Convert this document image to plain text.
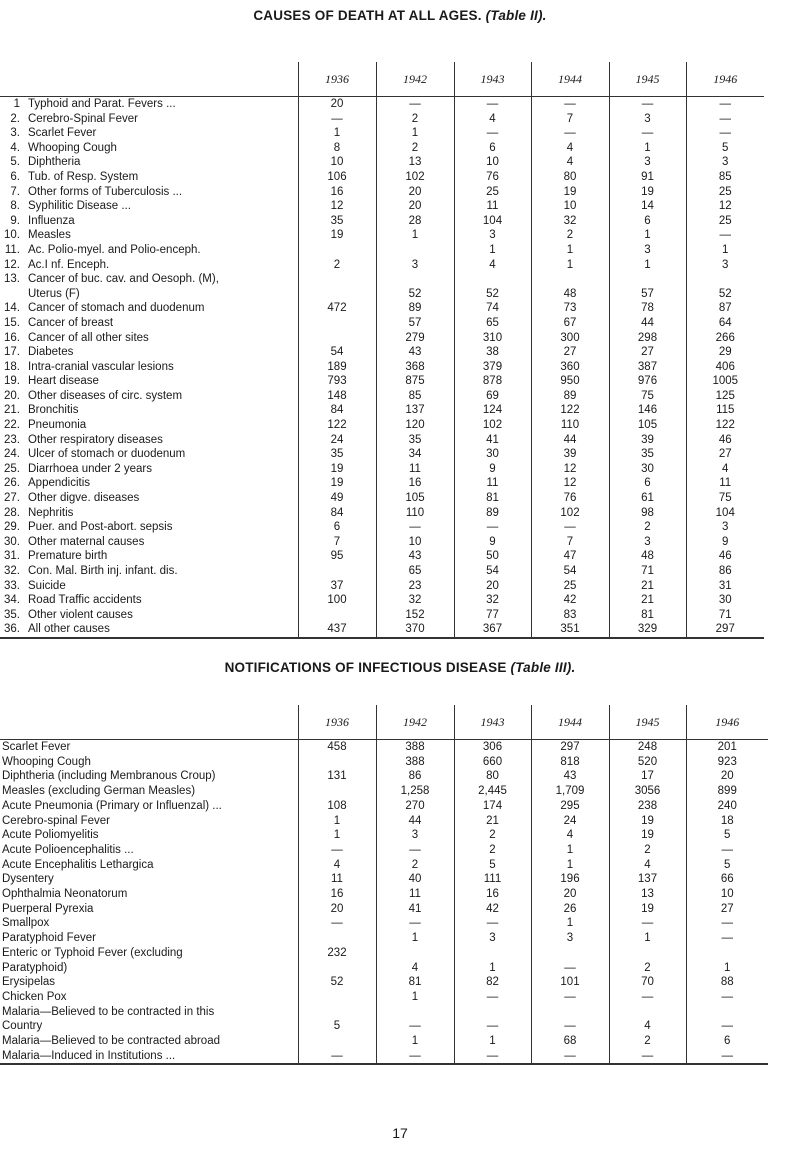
CAUSES OF DEATH AT ALL AGES. (Table II).
		1936	1942	1943	1944	1945	1946
1	Typhoid and Parat. Fevers ...	20	—	—	—	—	—
2.	Cerebro-Spinal Fever	—	2	4	7	3	—
3.	Scarlet Fever	1	1	—	—	—	—
4.	Whooping Cough	8	2	6	4	1	5
5.	Diphtheria	10	13	10	4	3	3
6.	Tub. of Resp. System	106	102	76	80	91	85
7.	Other forms of Tuberculosis ...	16	20	25	19	19	25
8.	Syphilitic Disease ...	12	20	11	10	14	12
9.	Influenza	35	28	104	32	6	25
10.	Measles	19	1	3	2	1	—
11.	Ac. Polio-myel. and Polio-enceph.			1	1	3	1
12.	Ac.I nf. Enceph.	2	3	4	1	1	3
13.	Cancer of buc. cav. and Oesoph. (M),						
	Uterus (F)		52	52	48	57	52
14.	Cancer of stomach and duodenum	472	89	74	73	78	87
15.	Cancer of breast		57	65	67	44	64
16.	Cancer of all other sites		279	310	300	298	266
17.	Diabetes	54	43	38	27	27	29
18.	Intra-cranial vascular lesions	189	368	379	360	387	406
19.	Heart disease	793	875	878	950	976	1005
20.	Other diseases of circ. system	148	85	69	89	75	125
21.	Bronchitis	84	137	124	122	146	115
22.	Pneumonia	122	120	102	110	105	122
23.	Other respiratory diseases	24	35	41	44	39	46
24.	Ulcer of stomach or duodenum	35	34	30	39	35	27
25.	Diarrhoea under 2 years	19	11	9	12	30	4
26.	Appendicitis	19	16	11	12	6	11
27.	Other digve. diseases	49	105	81	76	61	75
28.	Nephritis	84	110	89	102	98	104
29.	Puer. and Post-abort. sepsis	6	—	—	—	2	3
30.	Other maternal causes	7	10	9	7	3	9
31.	Premature birth	95	43	50	47	48	46
32.	Con. Mal. Birth inj. infant. dis.		65	54	54	71	86
33.	Suicide	37	23	20	25	21	31
34.	Road Traffic accidents	100	32	32	42	21	30
35.	Other violent causes		152	77	83	81	71
36.	All other causes	437	370	367	351	329	297
NOTIFICATIONS OF INFECTIOUS DISEASE (Table III).
	1936	1942	1943	1944	1945	1946
Scarlet Fever	458	388	306	297	248	201
Whooping Cough		388	660	818	520	923
Diphtheria (including Membranous Croup)	131	86	80	43	17	20
Measles (excluding German Measles)		1,258	2,445	1,709	3056	899
Acute Pneumonia (Primary or Influenzal) ...	108	270	174	295	238	240
Cerebro-spinal Fever	1	44	21	24	19	18
Acute Poliomyelitis	1	3	2	4	19	5
Acute Polioencephalitis ...	—	—	2	1	2	—
Acute Encephalitis Lethargica	4	2	5	1	4	5
Dysentery	11	40	111	196	137	66
Ophthalmia Neonatorum	16	11	16	20	13	10
Puerperal Pyrexia	20	41	42	26	19	27
Smallpox	—	—	—	1	—	—
Paratyphoid Fever		1	3	3	1	—
Enteric or Typhoid Fever (excluding	232					
Paratyphoid)		4	1	—	2	1
Erysipelas	52	81	82	101	70	88
Chicken Pox		1	—	—	—	—
Malaria—Believed to be contracted in this						
Country	5	—	—	—	4	—
Malaria—Believed to be contracted abroad		1	1	68	2	6
Malaria—Induced in Institutions ...	—	—	—	—	—	—
17
